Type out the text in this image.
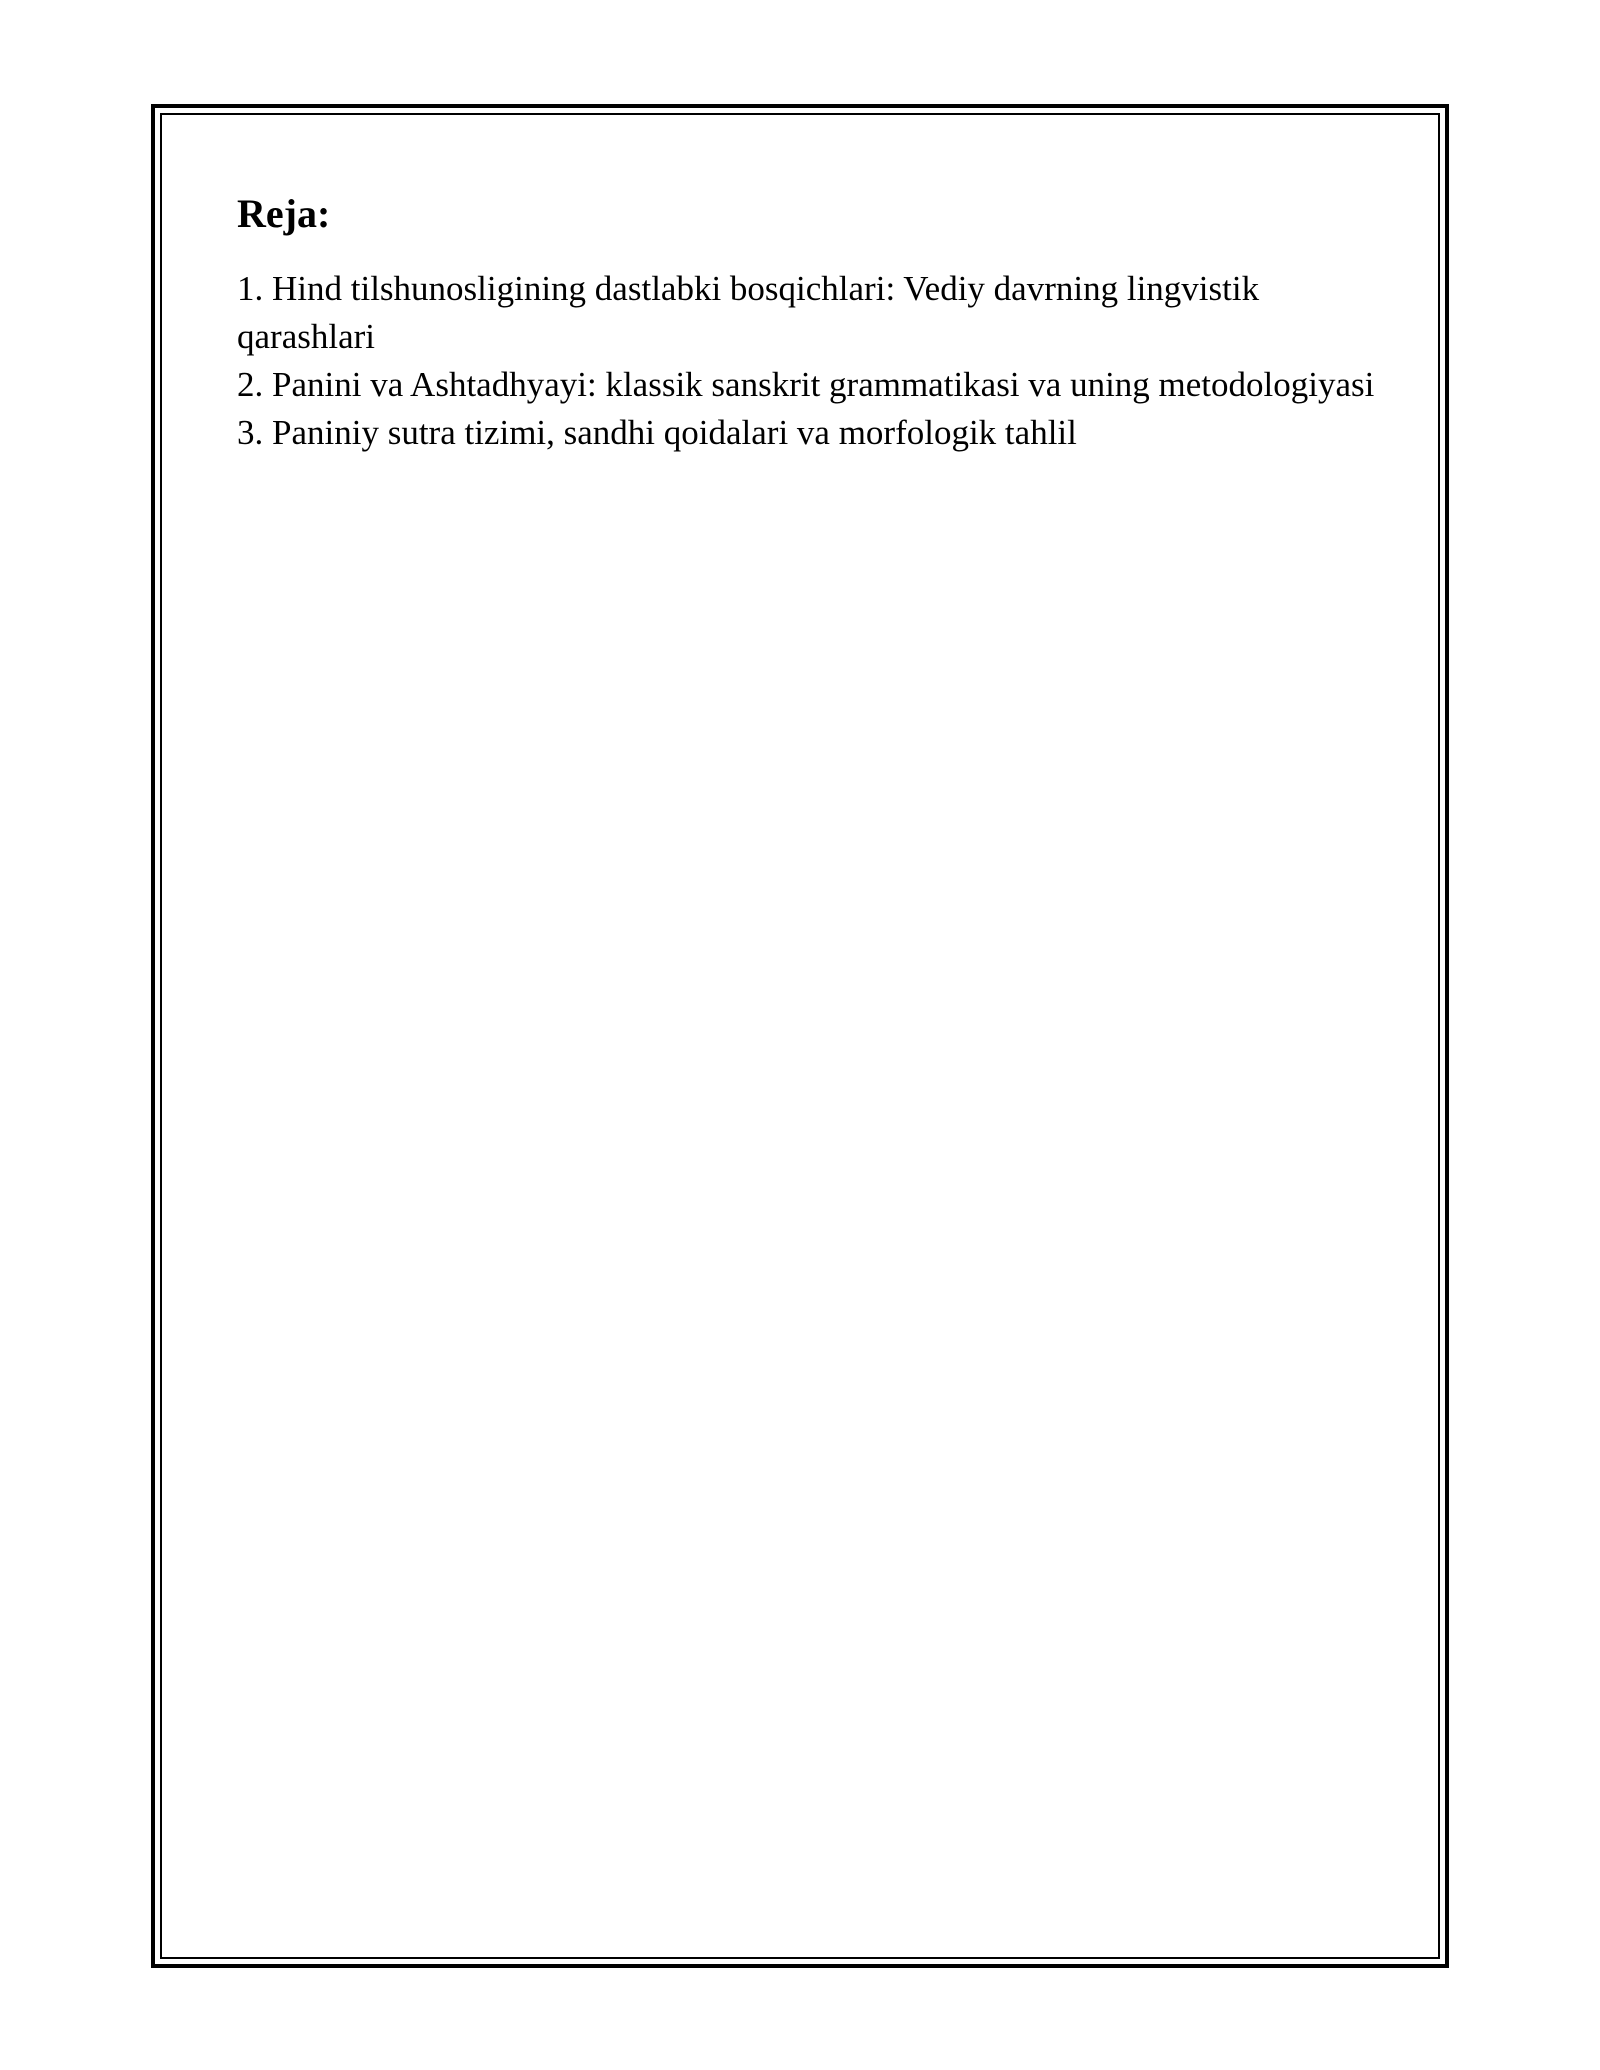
Reja:
1. Hind tilshunosligining dastlabki bosqichlari: Vediy davrning lingvistik qarashlari
2. Panini va Ashtadhyayi: klassik sanskrit grammatikasi va uning metodologiyasi
3. Paniniy sutra tizimi, sandhi qoidalari va morfologik tahlil
